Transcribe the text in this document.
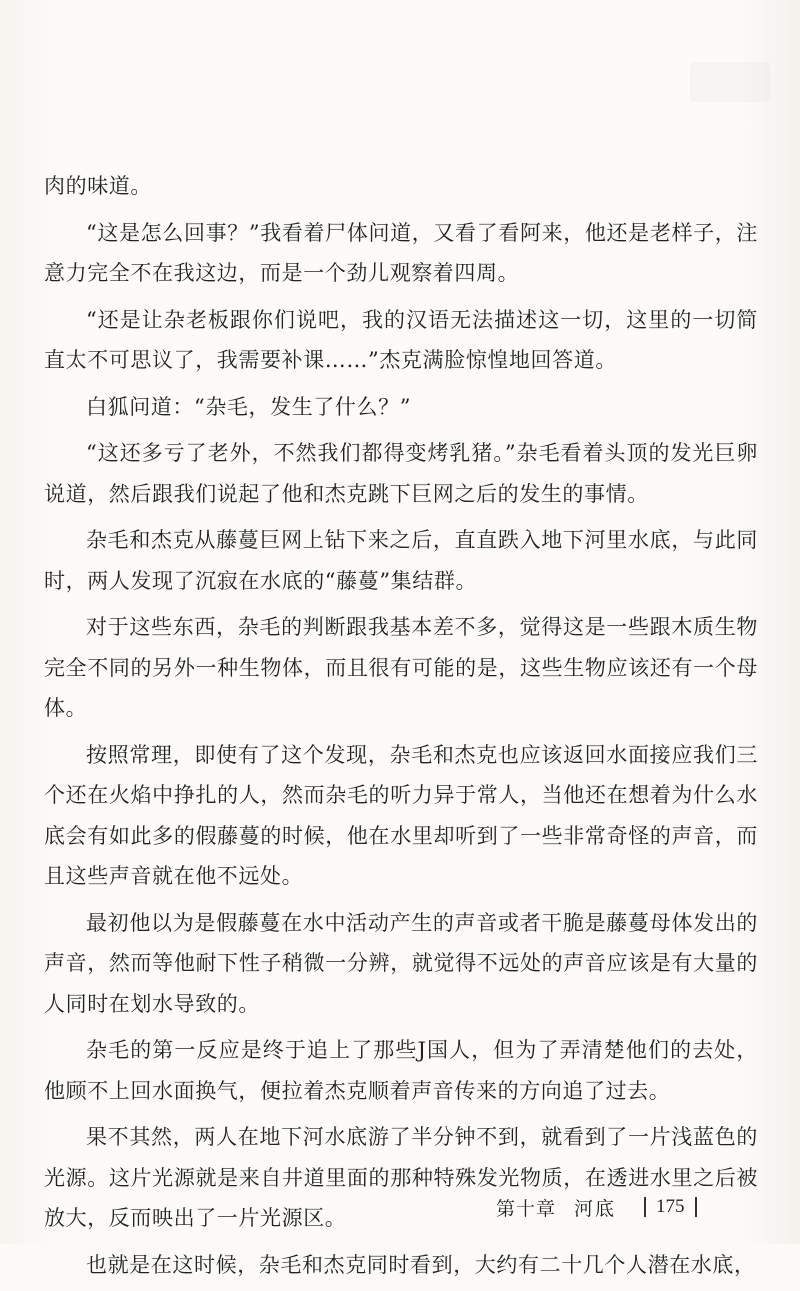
肉的味道。

“这是怎么回事？”我看着尸体问道，又看了看阿来，他还是老样子，注意力完全不在我这边，而是一个劲儿观察着四周。

“还是让杂老板跟你们说吧，我的汉语无法描述这一切，这里的一切简直太不可思议了，我需要补课……”杰克满脸惊惶地回答道。

白狐问道：“杂毛，发生了什么？”

“这还多亏了老外，不然我们都得变烤乳猪。”杂毛看着头顶的发光巨卵说道，然后跟我们说起了他和杰克跳下巨网之后的发生的事情。

杂毛和杰克从藤蔓巨网上钻下来之后，直直跌入地下河里水底，与此同时，两人发现了沉寂在水底的“藤蔓”集结群。

对于这些东西，杂毛的判断跟我基本差不多，觉得这是一些跟木质生物完全不同的另外一种生物体，而且很有可能的是，这些生物应该还有一个母体。

按照常理，即使有了这个发现，杂毛和杰克也应该返回水面接应我们三个还在火焰中挣扎的人，然而杂毛的听力异于常人，当他还在想着为什么水底会有如此多的假藤蔓的时候，他在水里却听到了一些非常奇怪的声音，而且这些声音就在他不远处。

最初他以为是假藤蔓在水中活动产生的声音或者干脆是藤蔓母体发出的声音，然而等他耐下性子稍微一分辨，就觉得不远处的声音应该是有大量的人同时在划水导致的。

杂毛的第一反应是终于追上了那些J国人，但为了弄清楚他们的去处，他顾不上回水面换气，便拉着杰克顺着声音传来的方向追了过去。

果不其然，两人在地下河水底游了半分钟不到，就看到了一片浅蓝色的光源。这片光源就是来自井道里面的那种特殊发光物质，在透进水里之后被放大，反而映出了一片光源区。

也就是在这时候，杂毛和杰克同时看到，大约有二十几个人潜在水底，

第十章 河底 175
